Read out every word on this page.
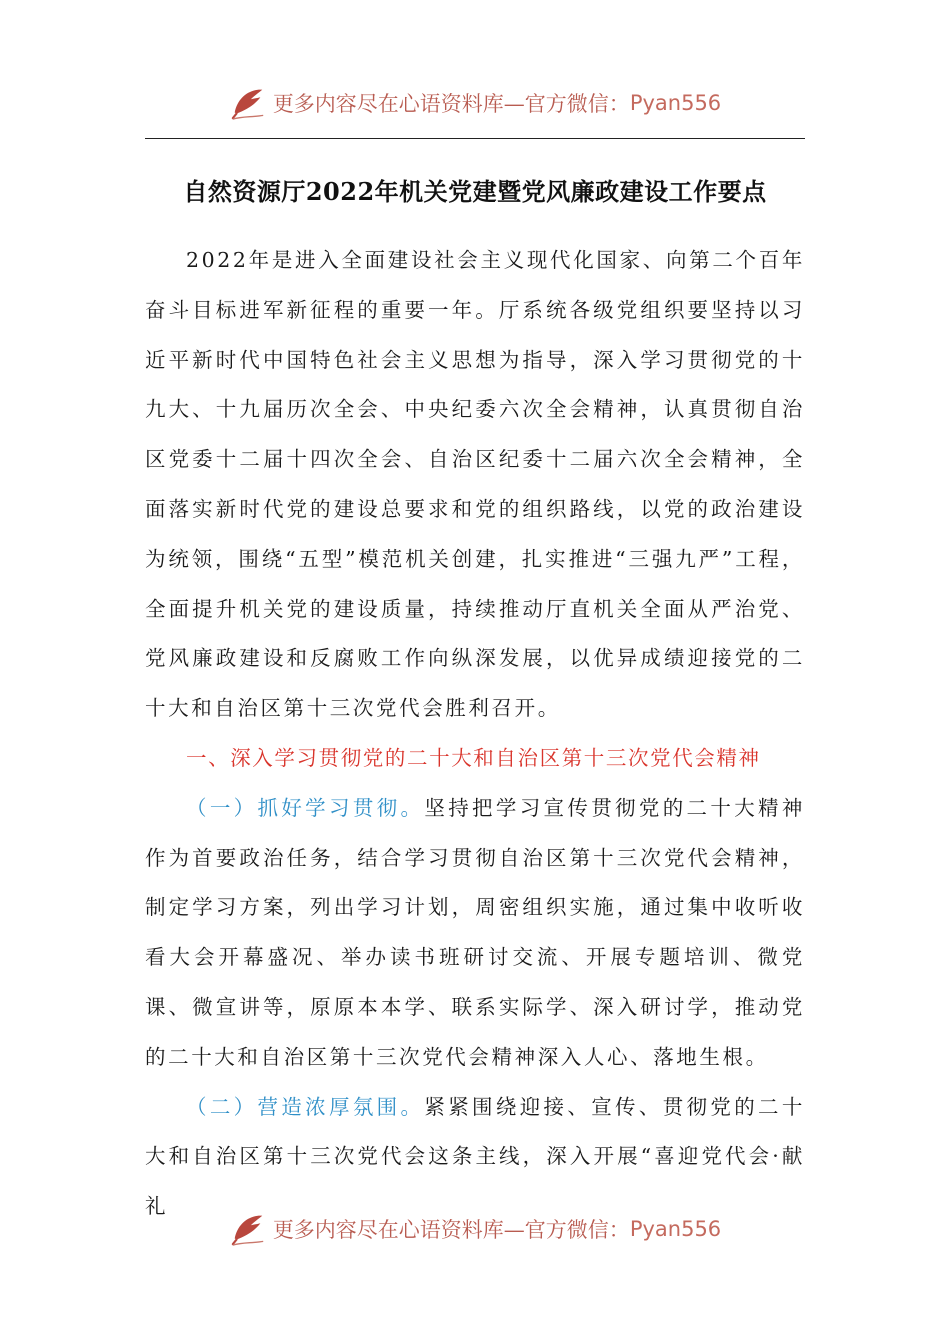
更多内容尽在心语资料库—官方微信： Pyan556
自然资源厅2022年机关党建暨党风廉政建设工作要点

2022年是进入全面建设社会主义现代化国家、向第二个百年奋斗目标进军新征程的重要一年。厅系统各级党组织要坚持以习近平新时代中国特色社会主义思想为指导，深入学习贯彻党的十九大、十九届历次全会、中央纪委六次全会精神，认真贯彻自治区党委十二届十四次全会、自治区纪委十二届六次全会精神，全面落实新时代党的建设总要求和党的组织路线，以党的政治建设为统领，围绕“五型”模范机关创建，扎实推进“三强九严”工程，全面提升机关党的建设质量，持续推动厅直机关全面从严治党、党风廉政建设和反腐败工作向纵深发展，以优异成绩迎接党的二十大和自治区第十三次党代会胜利召开。

一、深入学习贯彻党的二十大和自治区第十三次党代会精神

（一）抓好学习贯彻。坚持把学习宣传贯彻党的二十大精神作为首要政治任务，结合学习贯彻自治区第十三次党代会精神，制定学习方案，列出学习计划，周密组织实施，通过集中收听收看大会开幕盛况、举办读书班研讨交流、开展专题培训、微党课、微宣讲等，原原本本学、联系实际学、深入研讨学，推动党的二十大和自治区第十三次党代会精神深入人心、落地生根。

（二）营造浓厚氛围。紧紧围绕迎接、宣传、贯彻党的二十大和自治区第十三次党代会这条主线，深入开展“喜迎党代会·献礼

更多内容尽在心语资料库—官方微信： Pyan556
